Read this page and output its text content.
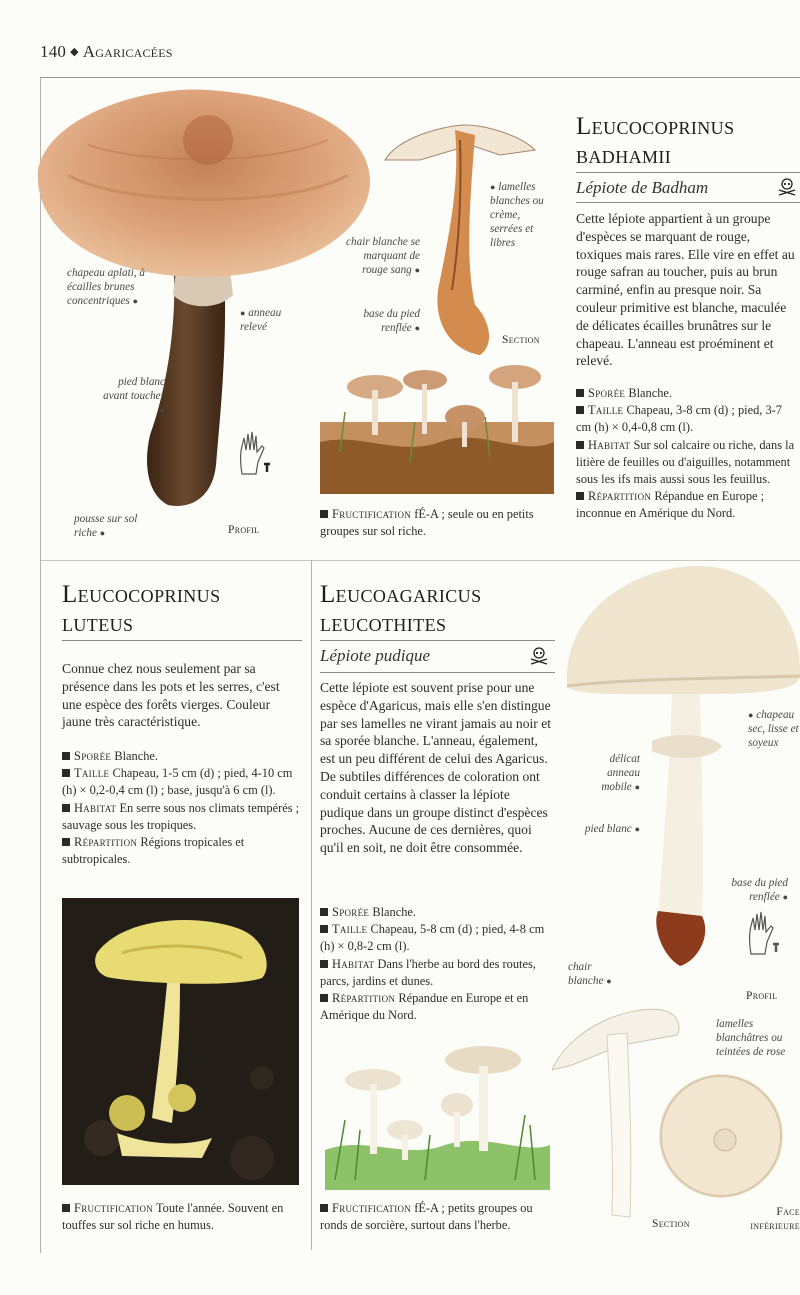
140 ◆ Agaricacées
chapeau aplati, à écailles brunes concentriques ●
● anneau relevé
pied blanc avant toucher ●
pousse sur sol riche ●	Profil
● lamelles blanches ou crème, serrées et libres
chair blanche se marquant de rouge sang ●
base du pied renflée ●
Section
Fructification fÉ-A ; seule ou en petits groupes sur sol riche.
Leucocoprinus
badhamii
Lépiote de Badham
Cette lépiote appartient à un groupe d'espèces se marquant de rouge, toxiques mais rares. Elle vire en effet au rouge safran au toucher, puis au brun carminé, enfin au presque noir. Sa couleur primitive est blanche, maculée de délicates écailles brunâtres sur le chapeau. L'anneau est proéminent et relevé.
Sporée Blanche.
Taille Chapeau, 3-8 cm (d) ; pied, 3-7 cm (h) × 0,4-0,8 cm (l).
Habitat Sur sol calcaire ou riche, dans la litière de feuilles ou d'aiguilles, notamment sous les ifs mais aussi sous les feuillus.
Répartition Répandue en Europe ; inconnue en Amérique du Nord.
Leucocoprinus
luteus
Connue chez nous seulement par sa présence dans les pots et les serres, c'est une espèce des forêts vierges. Couleur jaune très caractéristique.
Sporée Blanche.
Taille Chapeau, 1-5 cm (d) ; pied, 4-10 cm (h) × 0,2-0,4 cm (l) ; base, jusqu'à 6 cm (l).
Habitat En serre sous nos climats tempérés ; sauvage sous les tropiques.
Répartition Régions tropicales et subtropicales.
Fructification Toute l'année. Souvent en touffes sur sol riche en humus.
Leucoagaricus
leucothites
Lépiote pudique
Cette lépiote est souvent prise pour une espèce d'Agaricus, mais elle s'en distingue par ses lamelles ne virant jamais au noir et sa sporée blanche. L'anneau, également, est un peu différent de celui des Agaricus. De subtiles différences de coloration ont conduit certains à classer la lépiote pudique dans un groupe distinct d'espèces proches. Aucune de ces dernières, quoi qu'il en soit, ne doit être consommée.
Sporée Blanche.
Taille Chapeau, 5-8 cm (d) ; pied, 4-8 cm (h) × 0,8-2 cm (l).
Habitat Dans l'herbe au bord des routes, parcs, jardins et dunes.
Répartition Répandue en Europe et en Amérique du Nord.
Fructification fÉ-A ; petits groupes ou ronds de sorcière, surtout dans l'herbe.
● chapeau sec, lisse et soyeux
délicat anneau mobile ●
pied blanc ●
base du pied renflée ●
Profil
chair blanche ●
lamelles blanchâtres ou teintées de rose
Section
Face inférieure
